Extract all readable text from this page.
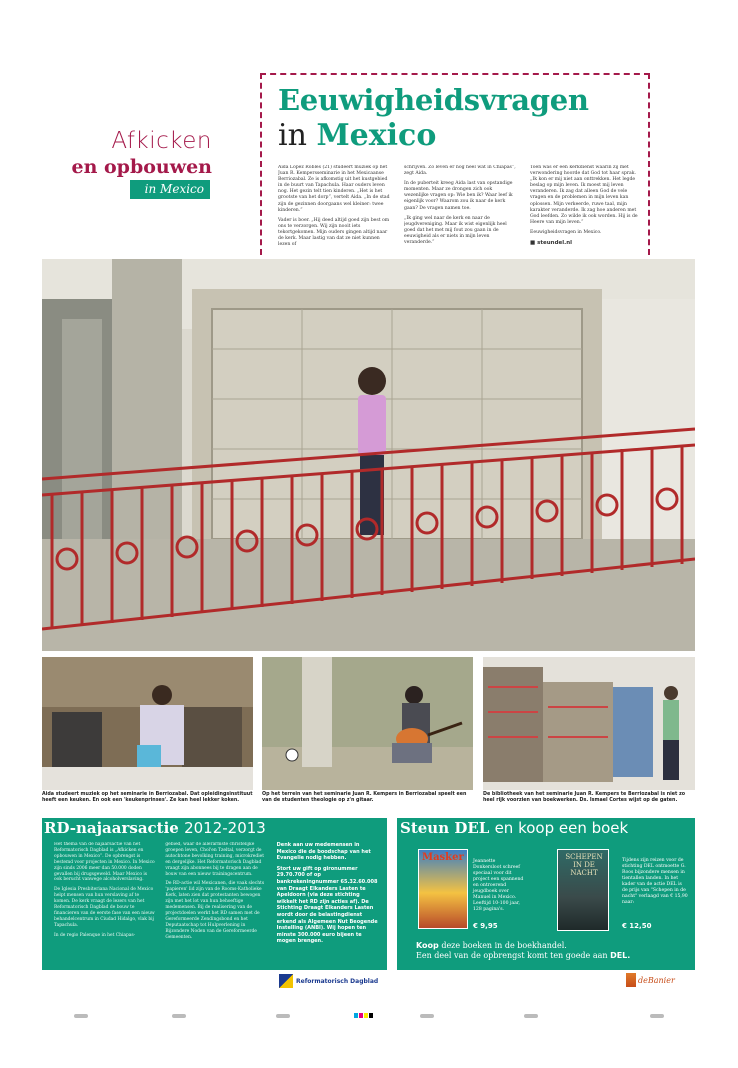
Afkicken
en opbouwen
in Mexico
Eeuwigheidsvragen
in Mexico

Aida Lopez Robles (21) studeert muziek op het Juan R. Kempersseminarie in het Mexicaanse Berriozabal. Ze is afkomstig uit het kustgebied in de buurt van Tapachula. Haar ouders leven nog. Het gezin telt tien kinderen. „Het is het grootste van het dorp”, vertelt Aida. „In de stad zijn de gezinnen doorgaans wel kleiner: twee kinderen.”

Vader is boer. „Hij deed altijd goed zijn best om ons te verzorgen. Wij zijn nooit iets tekortgekomen. Mijn ouders gingen altijd naar de kerk. Maar lastig van dat ze niet kunnen lezen of

schrijven. Zo leven er nog heel wat in Chiapas”, zegt Aida.

In de puberteit kreeg Aida last van opstandige momenten. Maar ze drongen zich ook wezenlijke vragen op: Wie ben ik? Waar leef ik eigenlijk voor? Waarom zou ik naar de kerk gaan? De vragen namen toe.

„Ik ging wel naar de kerk en naar de jeugdvereniging. Maar ik wist eigenlijk heel goed dat het met mij fout zou gaan in de eeuwigheid als er niets in mijn leven veranderde.”

Toen was er een kerkdienst waarin zij met verwondering hoorde dat God tot haar sprak. „Ik kon er mij niet aan onttrekken. Het legde beslag op mijn leven. Ik moest mij leven veranderen. Ik zag dat alleen God de vele vragen en de problemen in mijn leven kan oplossen. Mijn verkeerde, ruwe taal, mijn karakter veranderde. Ik zag hoe anderen met God leefden. Zo wilde ik ook worden. Hij is de Heere van mijn leven.”

Eeuwigheidsvragen in Mexico.

■ steundel.nl
Aida studeert muziek op het seminarie in Berriozabal. Dat opleidingsinstituut heeft een keuken. En ook een 'keukenprinses'. Ze kan heel lekker koken.
Op het terrein van het seminarie Juan R. Kempers in Berriozabal speelt een van de studenten theologie op z'n gitaar.
De bibliotheek van het seminarie Juan R. Kempers te Berriozabal is niet zo heel rijk voorzien van boekwerken. Ds. Ismael Cortes wijst op de gaten.
RD-najaarsactie 2012-2013

Het thema van de najaarsactie van het Reformatorisch Dagblad is „Afkicken en opbouwen in Mexico”. De opbrengst is bestemd voor projecten in Mexico. In Mexico zijn sinds 2006 meer dan 50.000 doden gevallen bij drugsgeweld. Maar Mexico is ook berucht vanwege alcoholverslaving.

De Iglesia Presbiteriana Nacional de Mexico helpt mensen van hun verslaving af te komen. De kerk vraagt de lezers van het Reformatorisch Dagblad de bouw te financieren van de eerste fase van een nieuw behandelcentrum in Ciudad Hidalgo, vlak bij Tapachula.

In de regio Palenque in het Chiapas-

gebied, waar de allerarmste christelijke groepen leven, Chol'en Tzeltal, verzorgt de autochtone bevolking training, microkrediet en dergelijke. Het Reformatorisch Dagblad vraagt zijn abonnees bij te dragen aan de bouw van een nieuw trainingscentrum.

De RD-actie wil Mexicanen, die vaak slechts 'papieren' lid zijn van de Rooms-Katholieke Kerk, laten zien dat protestanten bewogen zijn met het lot van hun behoeftige medemensen. Bij de realisering van de projectdoelen werkt het RD samen met de Gereformeerde Zendingsbond en het Deputaatschap tot Hulpverlening in Bijzondere Noden van de Gereformeerde Gemeenten.

Denk aan uw medemensen in Mexico die de boodschap van het Evangelie nodig hebben.

Stort uw gift op gironummer 29.70.700 of op bankrekeningnummer 65.32.60.008 van Draagt Elkanders Lasten te Apeldoorn (via deze stichting wikkelt het RD zijn acties af). De Stichting Draagt Elkanders Lasten wordt door de belastingdienst erkend als Algemeen Nut Beogende Instelling (ANBI). Wij hopen ten minste 300.000 euro bijeen te mogen brengen.

Steun DEL en koop een boek
Masker Jeannette Donkersloot schreef speciaal voor dit project een spannend en ontroerend jeugdboek over Manuel in Mexico. Leeftijd 10-100 jaar, 128 pagina's.
€ 9,95
SCHEPEN IN DE NACHT
Tijdens zijn reizen voor de stichting DEL ontmoette G. Roos bijzondere mensen in tientallen landen. In het kader van de actie DEL is de prijs van "Schepen in de nacht" verlaagd van € 15,90 naar:
€ 12,50
Koop deze boeken in de boekhandel.
Een deel van de opbrengst komt ten goede aan DEL.
Reformatorisch Dagblad	deBanier
